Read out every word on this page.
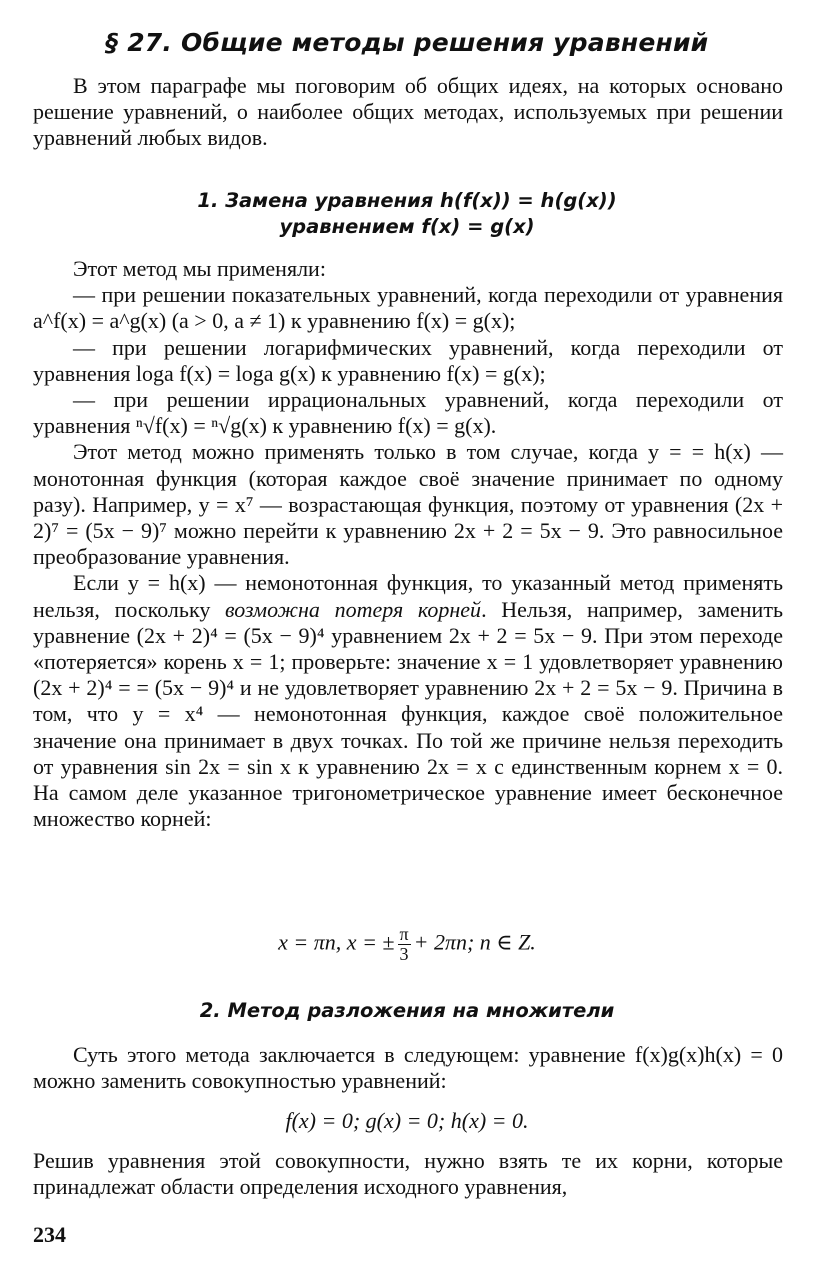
§ 27. Общие методы решения уравнений

В этом параграфе мы поговорим об общих идеях, на которых основано решение уравнений, о наиболее общих методах, используемых при решении уравнений любых видов.

1. Замена уравнения h(f(x)) = h(g(x))
уравнением f(x) = g(x)

Этот метод мы применяли:

— при решении показательных уравнений, когда переходили от уравнения a^f(x) = a^g(x) (a > 0, a ≠ 1) к уравнению f(x) = g(x);

— при решении логарифмических уравнений, когда переходили от уравнения loga f(x) = loga g(x) к уравнению f(x) = g(x);

— при решении иррациональных уравнений, когда переходили от уравнения ⁿ√f(x) = ⁿ√g(x) к уравнению f(x) = g(x).

Этот метод можно применять только в том случае, когда y = = h(x) — монотонная функция (которая каждое своё значение принимает по одному разу). Например, y = x⁷ — возрастающая функция, поэтому от уравнения (2x + 2)⁷ = (5x − 9)⁷ можно перейти к уравнению 2x + 2 = 5x − 9. Это равносильное преобразование уравнения.

Если y = h(x) — немонотонная функция, то указанный метод применять нельзя, поскольку возможна потеря корней. Нельзя, например, заменить уравнение (2x + 2)⁴ = (5x − 9)⁴ уравнением 2x + 2 = 5x − 9. При этом переходе «потеряется» корень x = 1; проверьте: значение x = 1 удовлетворяет уравнению (2x + 2)⁴ = = (5x − 9)⁴ и не удовлетворяет уравнению 2x + 2 = 5x − 9. Причина в том, что y = x⁴ — немонотонная функция, каждое своё положительное значение она принимает в двух точках. По той же причине нельзя переходить от уравнения sin 2x = sin x к уравнению 2x = x с единственным корнем x = 0. На самом деле указанное тригонометрическое уравнение имеет бесконечное множество корней:

x = πn, x = ± $\frac{\pi}{3} + 2\pi n$; n ∈ Z.
2. Метод разложения на множители

Суть этого метода заключается в следующем: уравнение f(x)g(x)h(x) = 0 можно заменить совокупностью уравнений:

f(x) = 0; g(x) = 0; h(x) = 0.

Решив уравнения этой совокупности, нужно взять те их корни, которые принадлежат области определения исходного уравнения,

234
